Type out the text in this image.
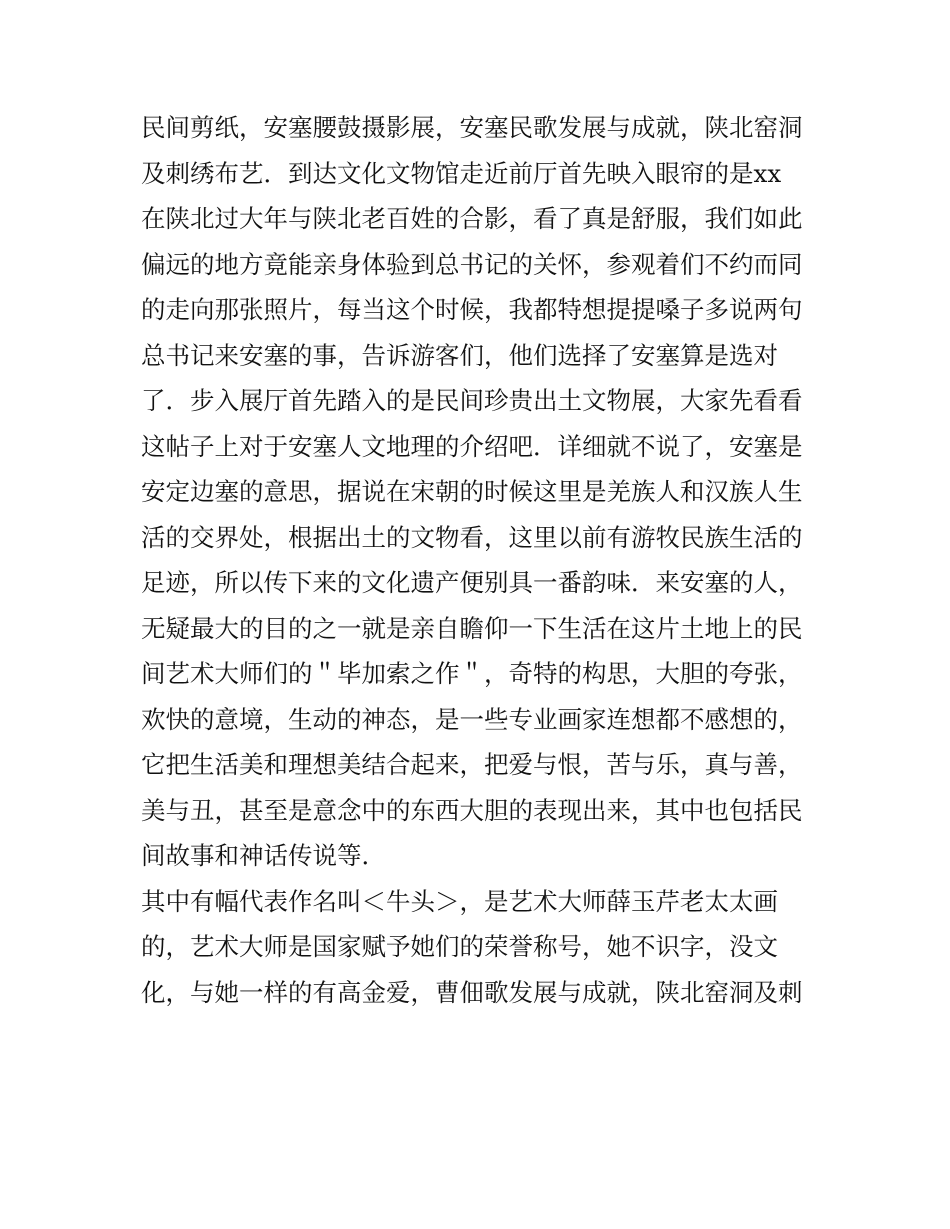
民间剪纸，安塞腰鼓摄影展，安塞民歌发展与成就，陕北窑洞
及刺绣布艺．到达文化文物馆走近前厅首先映入眼帘的是xx
在陕北过大年与陕北老百姓的合影，看了真是舒服，我们如此
偏远的地方竟能亲身体验到总书记的关怀，参观着们不约而同
的走向那张照片，每当这个时候，我都特想提提嗓子多说两句
总书记来安塞的事，告诉游客们，他们选择了安塞算是选对
了．步入展厅首先踏入的是民间珍贵出土文物展，大家先看看
这帖子上对于安塞人文地理的介绍吧．详细就不说了，安塞是
安定边塞的意思，据说在宋朝的时候这里是羌族人和汉族人生
活的交界处，根据出土的文物看，这里以前有游牧民族生活的
足迹，所以传下来的文化遗产便别具一番韵味．来安塞的人，
无疑最大的目的之一就是亲自瞻仰一下生活在这片土地上的民
间艺术大师们的＂毕加索之作＂，奇特的构思，大胆的夸张，
欢快的意境，生动的神态，是一些专业画家连想都不感想的，
它把生活美和理想美结合起来，把爱与恨，苦与乐，真与善，
美与丑，甚至是意念中的东西大胆的表现出来，其中也包括民
间故事和神话传说等．
其中有幅代表作名叫＜牛头＞，是艺术大师薛玉芹老太太画
的，艺术大师是国家赋予她们的荣誉称号，她不识字，没文
化，与她一样的有高金爱，曹佃歌发展与成就，陕北窑洞及刺
